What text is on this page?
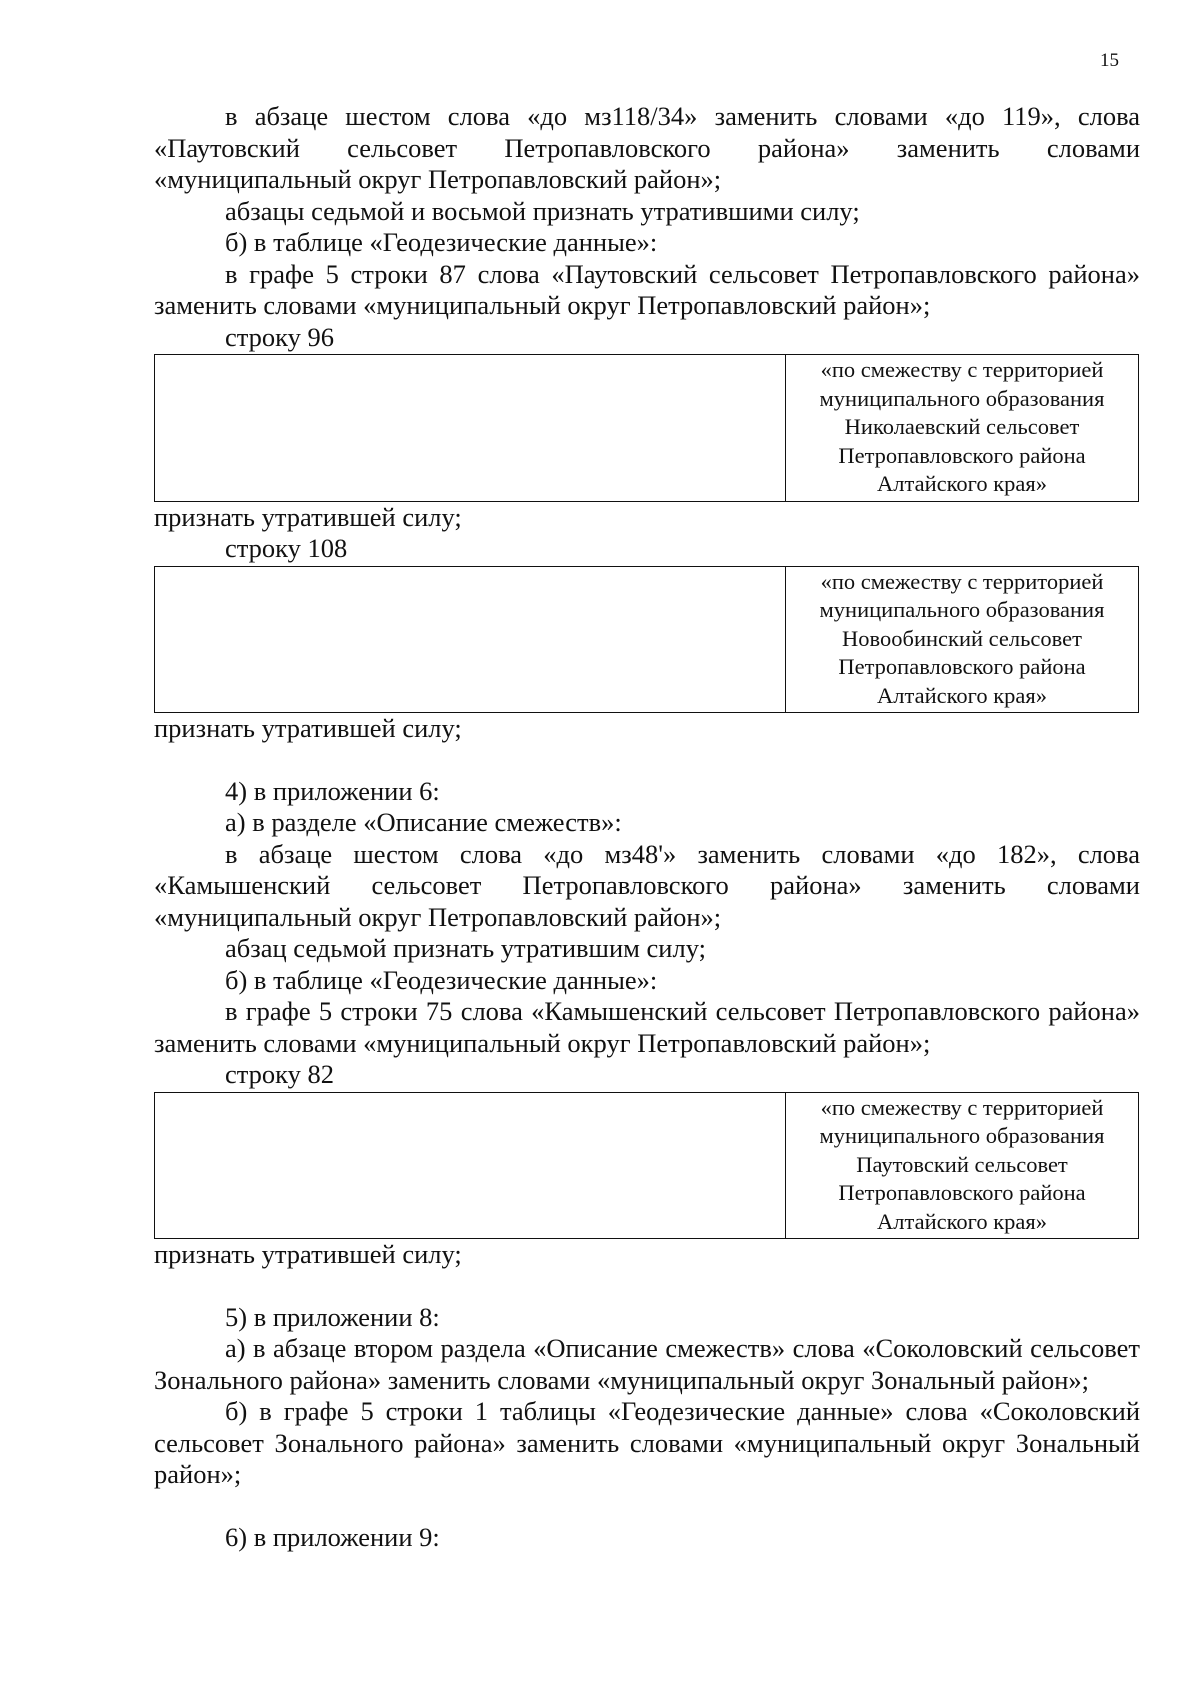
15

в абзаце шестом слова «до мз118/34» заменить словами «до 119», слова «Паутовский сельсовет Петропавловского района» заменить словами «муниципальный округ Петропавловский район»;

абзацы седьмой и восьмой признать утратившими силу;

б) в таблице «Геодезические данные»:

в графе 5 строки 87 слова «Паутовский сельсовет Петропавловского района» заменить словами «муниципальный округ Петропавловский район»;

строку 96

«по смежеству с территорией
муниципального образования
Николаевский сельсовет
Петропавловского района
Алтайского края»

признать утратившей силу;

строку 108

«по смежеству с территорией
муниципального образования
Новообинский сельсовет
Петропавловского района
Алтайского края»

признать утратившей силу;

4) в приложении 6:

а) в разделе «Описание смежеств»:

в абзаце шестом слова «до мз48'» заменить словами «до 182», слова «Камышенский сельсовет Петропавловского района» заменить словами «муниципальный округ Петропавловский район»;

абзац седьмой признать утратившим силу;

б) в таблице «Геодезические данные»:

в графе 5 строки 75 слова «Камышенский сельсовет Петропавловского района» заменить словами «муниципальный округ Петропавловский район»;

строку 82

«по смежеству с территорией
муниципального образования
Паутовский сельсовет
Петропавловского района
Алтайского края»

признать утратившей силу;

5) в приложении 8:

а) в абзаце втором раздела «Описание смежеств» слова «Соколовский сельсовет Зонального района» заменить словами «муниципальный округ Зональный район»;

б) в графе 5 строки 1 таблицы «Геодезические данные» слова «Соколовский сельсовет Зонального района» заменить словами «муниципальный округ Зональный район»;

6) в приложении 9:
